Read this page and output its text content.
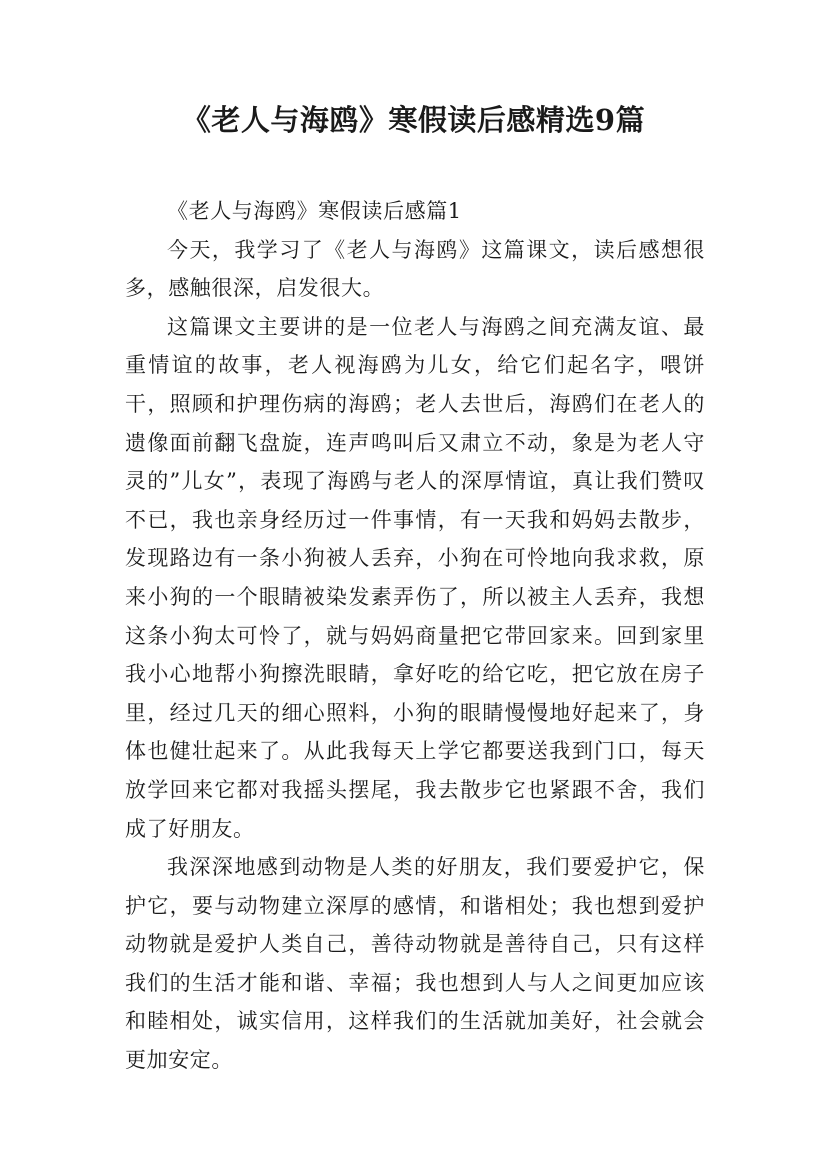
《老人与海鸥》寒假读后感精选9篇

《老人与海鸥》寒假读后感篇1

今天，我学习了《老人与海鸥》这篇课文，读后感想很多，感触很深，启发很大。

这篇课文主要讲的是一位老人与海鸥之间充满友谊、最重情谊的故事，老人视海鸥为儿女，给它们起名字，喂饼干，照顾和护理伤病的海鸥；老人去世后，海鸥们在老人的遗像面前翻飞盘旋，连声鸣叫后又肃立不动，象是为老人守灵的”儿女”，表现了海鸥与老人的深厚情谊，真让我们赞叹不已，我也亲身经历过一件事情，有一天我和妈妈去散步，发现路边有一条小狗被人丢弃，小狗在可怜地向我求救，原来小狗的一个眼睛被染发素弄伤了，所以被主人丢弃，我想这条小狗太可怜了，就与妈妈商量把它带回家来。回到家里我小心地帮小狗擦洗眼睛，拿好吃的给它吃，把它放在房子里，经过几天的细心照料，小狗的眼睛慢慢地好起来了，身体也健壮起来了。从此我每天上学它都要送我到门口，每天放学回来它都对我摇头摆尾，我去散步它也紧跟不舍，我们成了好朋友。

我深深地感到动物是人类的好朋友，我们要爱护它，保护它，要与动物建立深厚的感情，和谐相处；我也想到爱护动物就是爱护人类自己，善待动物就是善待自己，只有这样我们的生活才能和谐、幸福；我也想到人与人之间更加应该和睦相处，诚实信用，这样我们的生活就加美好，社会就会更加安定。
